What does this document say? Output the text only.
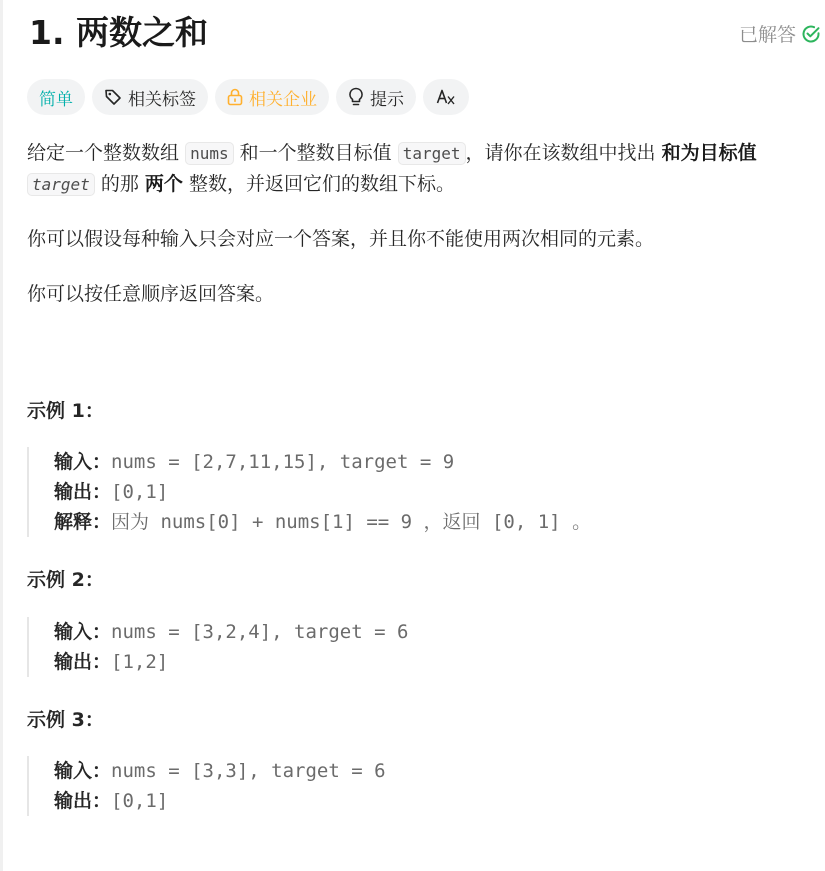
1. 两数之和	已解答
简单	相关标签	相关企业	提示

给定一个整数数组 nums 和一个整数目标值 target ，请你在该数组中找出 和为目标值 target 的那 两个 整数，并返回它们的数组下标。

你可以假设每种输入只会对应一个答案，并且你不能使用两次相同的元素。

你可以按任意顺序返回答案。

示例 1：
输入：nums = [2,7,11,15], target = 9
输出：[0,1]
解释：因为 nums[0] + nums[1] == 9 ，返回 [0, 1] 。
示例 2：
输入：nums = [3,2,4], target = 6
输出：[1,2]
示例 3：
输入：nums = [3,3], target = 6
输出：[0,1]
